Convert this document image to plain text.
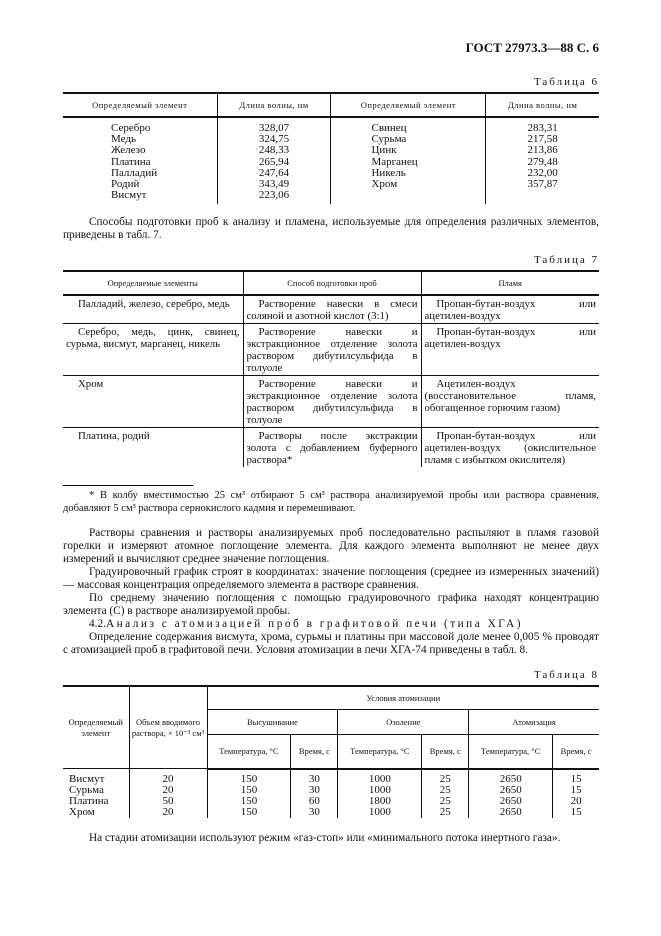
ГОСТ 27973.3—88 С. 6
Таблица 6
Определяемый элемент	Длина волны, нм	Определяемый элемент	Длина волны, нм
Серебро	328,07	Свинец	283,31
Медь	324,75	Сурьма	217,58
Железо	248,33	Цинк	213,86
Платина	265,94	Марганец	279,48
Палладий	247,64	Никель	232,00
Родий	343,49	Хром	357,87
Висмут	223,06		

Способы подготовки проб к анализу и пламена, используемые для определения различных элементов, приведены в табл. 7.

Таблица 7
Определяемые элементы	Способ подготовки проб	Пламя
Палладий, железо, серебро, медь	Растворение навески в смеси соляной и азотной кислот (3:1)	Пропан-бутан-воздух или ацетилен-воздух
Серебро, медь, цинк, свинец, сурьма, висмут, марганец, никель	Растворение навески и экстракционное отделение золота раствором дибутилсульфида в толуоле	Пропан-бутан-воздух или ацетилен-воздух
Хром	Растворение навески и экстракционное отделение золота раствором дибутилсульфида в толуоле	Ацетилен-воздух (восстановительное пламя, обогащенное горючим газом)
Платина, родий	Растворы после экстракции золота с добавлением буферного раствора*	Пропан-бутан-воздух или ацетилен-воздух (окислительное пламя с избытком окислителя)

* В колбу вместимостью 25 см³ отбирают 5 см³ раствора анализируемой пробы или раствора сравнения, добавляют 5 см³ раствора сернокислого кадмия и перемешивают.

Растворы сравнения и растворы анализируемых проб последовательно распыляют в пламя газовой горелки и измеряют атомное поглощение элемента. Для каждого элемента выполняют не менее двух измерений и вычисляют среднее значение поглощения.

Градуировочный график строят в координатах: значение поглощения (среднее из измеренных значений) — массовая концентрация определяемого элемента в растворе сравнения.

По среднему значению поглощения с помощью градуировочного графика находят концентрацию элемента (C) в растворе анализируемой пробы.

4.2.Анализ с атомизацией проб в графитовой печи (типа ХГА)

Определение содержания висмута, хрома, сурьмы и платины при массовой доле менее 0,005 % проводят с атомизацией проб в графитовой печи. Условия атомизации в печи ХГА-74 приведены в табл. 8.

Таблица 8
Определяемый элемент	Объем вводимого раствора, × 10⁻³ см³	Условия атомизации					
		Высушивание		Озоление		Атомизация	
		Температура, °C	Время, с	Температура, °C	Время, с	Температура, °C	Время, с
Висмут	20	150	30	1000	25	2650	15
Сурьма	20	150	30	1000	25	2650	15
Платина	50	150	60	1800	25	2650	20
Хром	20	150	30	1000	25	2650	15

На стадии атомизации используют режим «газ-стоп» или «минимального потока инертного газа».
